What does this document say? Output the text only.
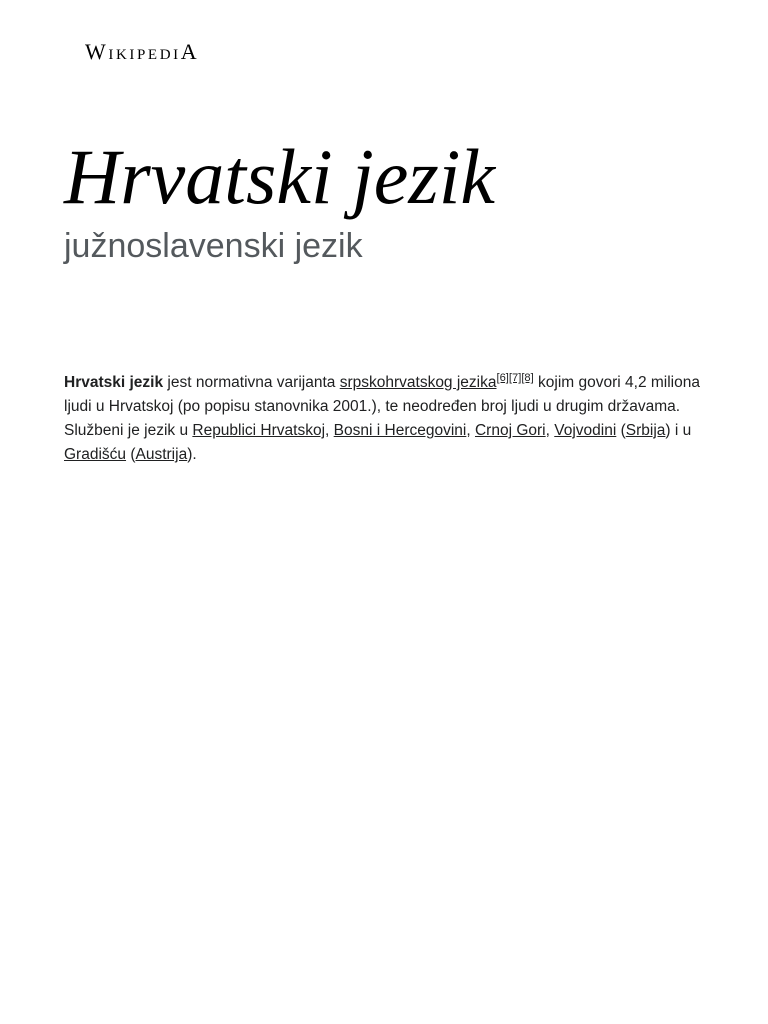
WikipediA
Hrvatski jezik
južnoslavenski jezik

Hrvatski jezik jest normativna varijanta srpskohrvatskog jezika[6][7][8] kojim govori 4,2 miliona ljudi u Hrvatskoj (po popisu stanovnika 2001.), te neodređen broj ljudi u drugim državama. Službeni je jezik u Republici Hrvatskoj, Bosni i Hercegovini, Crnoj Gori, Vojvodini (Srbija) i u Gradišću (Austrija).
